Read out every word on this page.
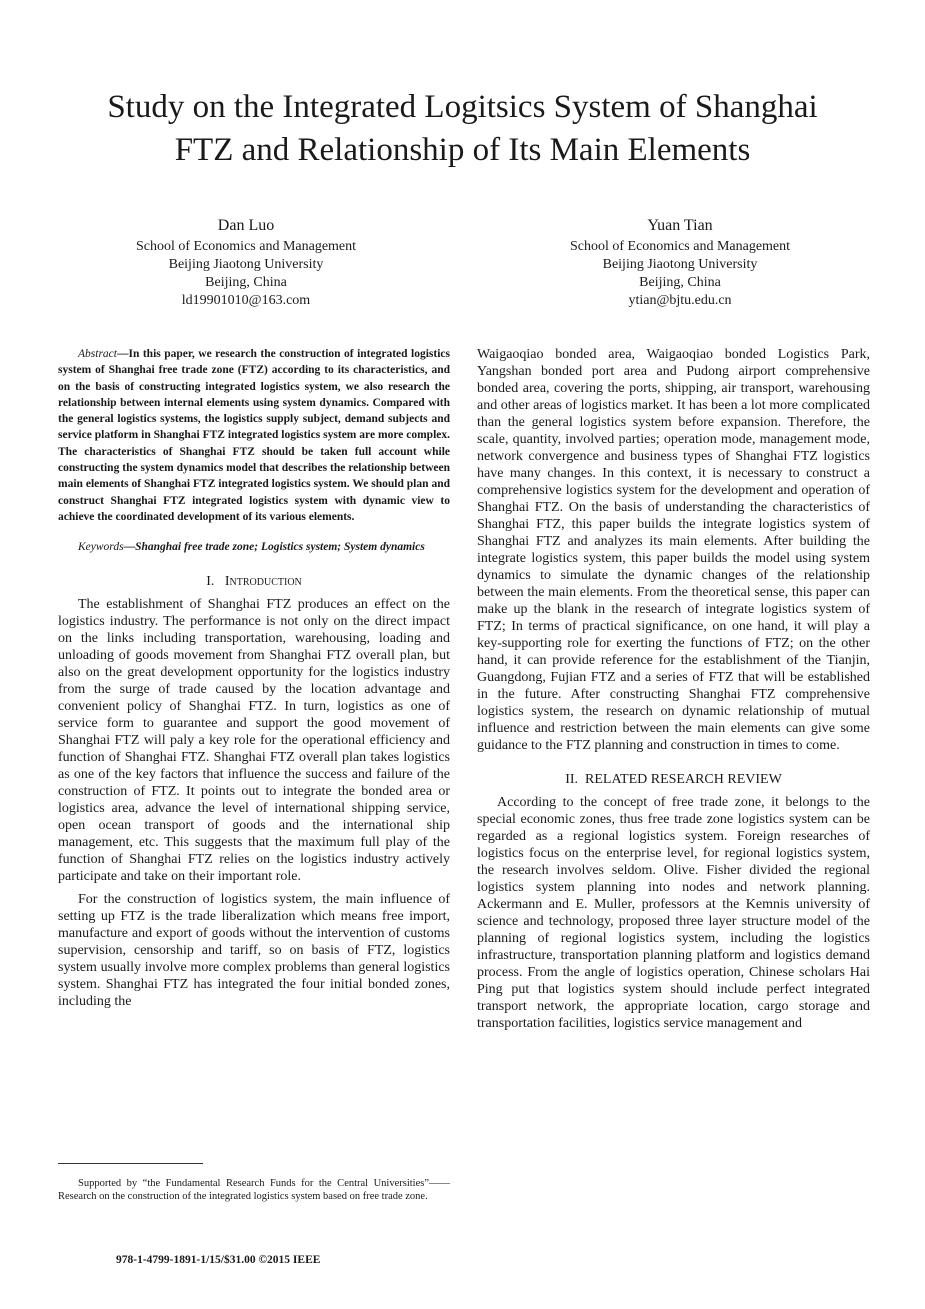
Study on the Integrated Logitsics System of Shanghai
FTZ and Relationship of Its Main Elements
Dan Luo
School of Economics and Management
Beijing Jiaotong University
Beijing, China
ld19901010@163.com
Yuan Tian
School of Economics and Management
Beijing Jiaotong University
Beijing, China
ytian@bjtu.edu.cn

Abstract—In this paper, we research the construction of integrated logistics system of Shanghai free trade zone (FTZ) according to its characteristics, and on the basis of constructing integrated logistics system, we also research the relationship between internal elements using system dynamics. Compared with the general logistics systems, the logistics supply subject, demand subjects and service platform in Shanghai FTZ integrated logistics system are more complex. The characteristics of Shanghai FTZ should be taken full account while constructing the system dynamics model that describes the relationship between main elements of Shanghai FTZ integrated logistics system. We should plan and construct Shanghai FTZ integrated logistics system with dynamic view to achieve the coordinated development of its various elements.

Keywords—Shanghai free trade zone; Logistics system; System dynamics

I. Introduction

The establishment of Shanghai FTZ produces an effect on the logistics industry. The performance is not only on the direct impact on the links including transportation, warehousing, loading and unloading of goods movement from Shanghai FTZ overall plan, but also on the great development opportunity for the logistics industry from the surge of trade caused by the location advantage and convenient policy of Shanghai FTZ. In turn, logistics as one of service form to guarantee and support the good movement of Shanghai FTZ will paly a key role for the operational efficiency and function of Shanghai FTZ. Shanghai FTZ overall plan takes logistics as one of the key factors that influence the success and failure of the construction of FTZ. It points out to integrate the bonded area or logistics area, advance the level of international shipping service, open ocean transport of goods and the international ship management, etc. This suggests that the maximum full play of the function of Shanghai FTZ relies on the logistics industry actively participate and take on their important role.

For the construction of logistics system, the main influence of setting up FTZ is the trade liberalization which means free import, manufacture and export of goods without the intervention of customs supervision, censorship and tariff, so on basis of FTZ, logistics system usually involve more complex problems than general logistics system. Shanghai FTZ has integrated the four initial bonded zones, including the

Waigaoqiao bonded area, Waigaoqiao bonded Logistics Park, Yangshan bonded port area and Pudong airport comprehensive bonded area, covering the ports, shipping, air transport, warehousing and other areas of logistics market. It has been a lot more complicated than the general logistics system before expansion. Therefore, the scale, quantity, involved parties; operation mode, management mode, network convergence and business types of Shanghai FTZ logistics have many changes. In this context, it is necessary to construct a comprehensive logistics system for the development and operation of Shanghai FTZ. On the basis of understanding the characteristics of Shanghai FTZ, this paper builds the integrate logistics system of Shanghai FTZ and analyzes its main elements. After building the integrate logistics system, this paper builds the model using system dynamics to simulate the dynamic changes of the relationship between the main elements. From the theoretical sense, this paper can make up the blank in the research of integrate logistics system of FTZ; In terms of practical significance, on one hand, it will play a key-supporting role for exerting the functions of FTZ; on the other hand, it can provide reference for the establishment of the Tianjin, Guangdong, Fujian FTZ and a series of FTZ that will be established in the future. After constructing Shanghai FTZ comprehensive logistics system, the research on dynamic relationship of mutual influence and restriction between the main elements can give some guidance to the FTZ planning and construction in times to come.

II. RELATED RESEARCH REVIEW

According to the concept of free trade zone, it belongs to the special economic zones, thus free trade zone logistics system can be regarded as a regional logistics system. Foreign researches of logistics focus on the enterprise level, for regional logistics system, the research involves seldom. Olive. Fisher divided the regional logistics system planning into nodes and network planning. Ackermann and E. Muller, professors at the Kemnis university of science and technology, proposed three layer structure model of the planning of regional logistics system, including the logistics infrastructure, transportation planning platform and logistics demand process. From the angle of logistics operation, Chinese scholars Hai Ping put that logistics system should include perfect integrated transport network, the appropriate location, cargo storage and transportation facilities, logistics service management and

Supported by “the Fundamental Research Funds for the Central Universities”——Research on the construction of the integrated logistics system based on free trade zone.

978-1-4799-1891-1/15/$31.00 ©2015 IEEE
